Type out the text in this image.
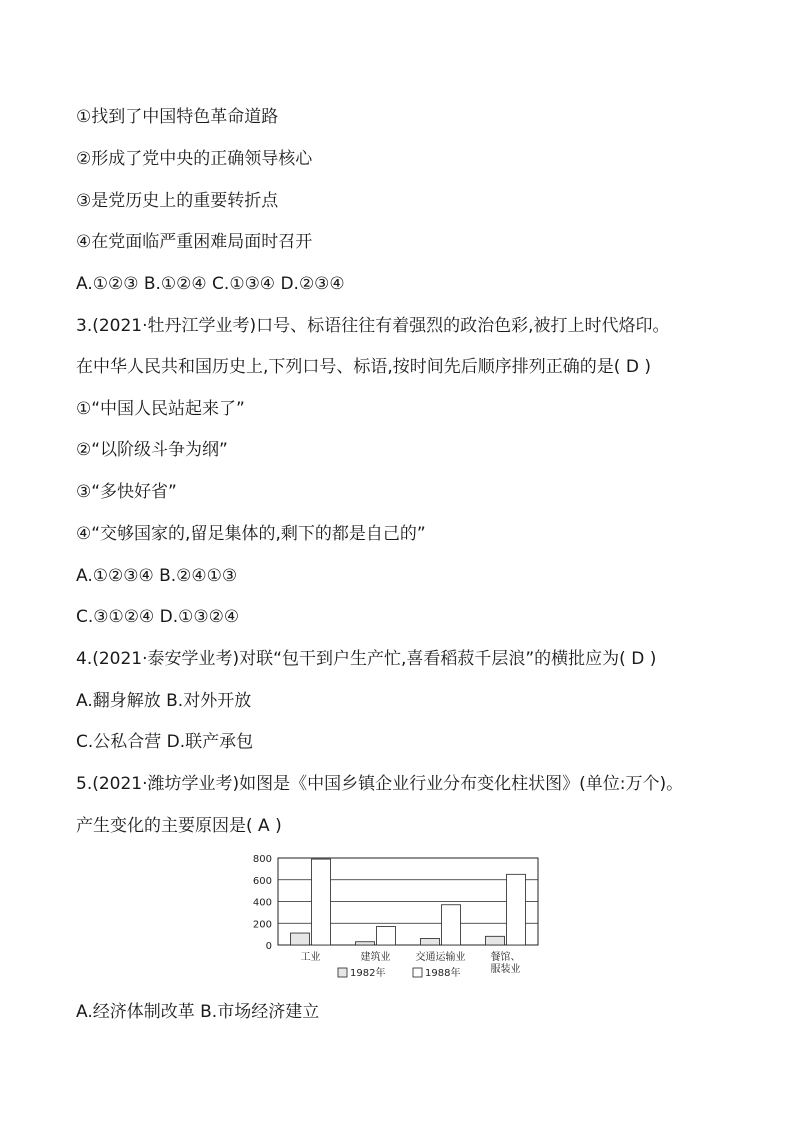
①找到了中国特色革命道路
②形成了党中央的正确领导核心
③是党历史上的重要转折点
④在党面临严重困难局面时召开
A.①②③ B.①②④ C.①③④ D.②③④
3.(2021·牡丹江学业考)口号、标语往往有着强烈的政治色彩,被打上时代烙印。
在中华人民共和国历史上,下列口号、标语,按时间先后顺序排列正确的是( D )
①“中国人民站起来了”
②“以阶级斗争为纲”
③“多快好省”
④“交够国家的,留足集体的,剩下的都是自己的”
A.①②③④ B.②④①③
C.③①②④ D.①③②④
4.(2021·泰安学业考)对联“包干到户生产忙,喜看稻菽千层浪”的横批应为( D )
A.翻身解放 B.对外开放
C.公私合营 D.联产承包
5.(2021·潍坊学业考)如图是《中国乡镇企业行业分布变化柱状图》(单位:万个)。
产生变化的主要原因是( A )
0
200
400
600
800
工业	建筑业	交通运输业	餐馆、
服装业
1982年	1988年
A.经济体制改革 B.市场经济建立
